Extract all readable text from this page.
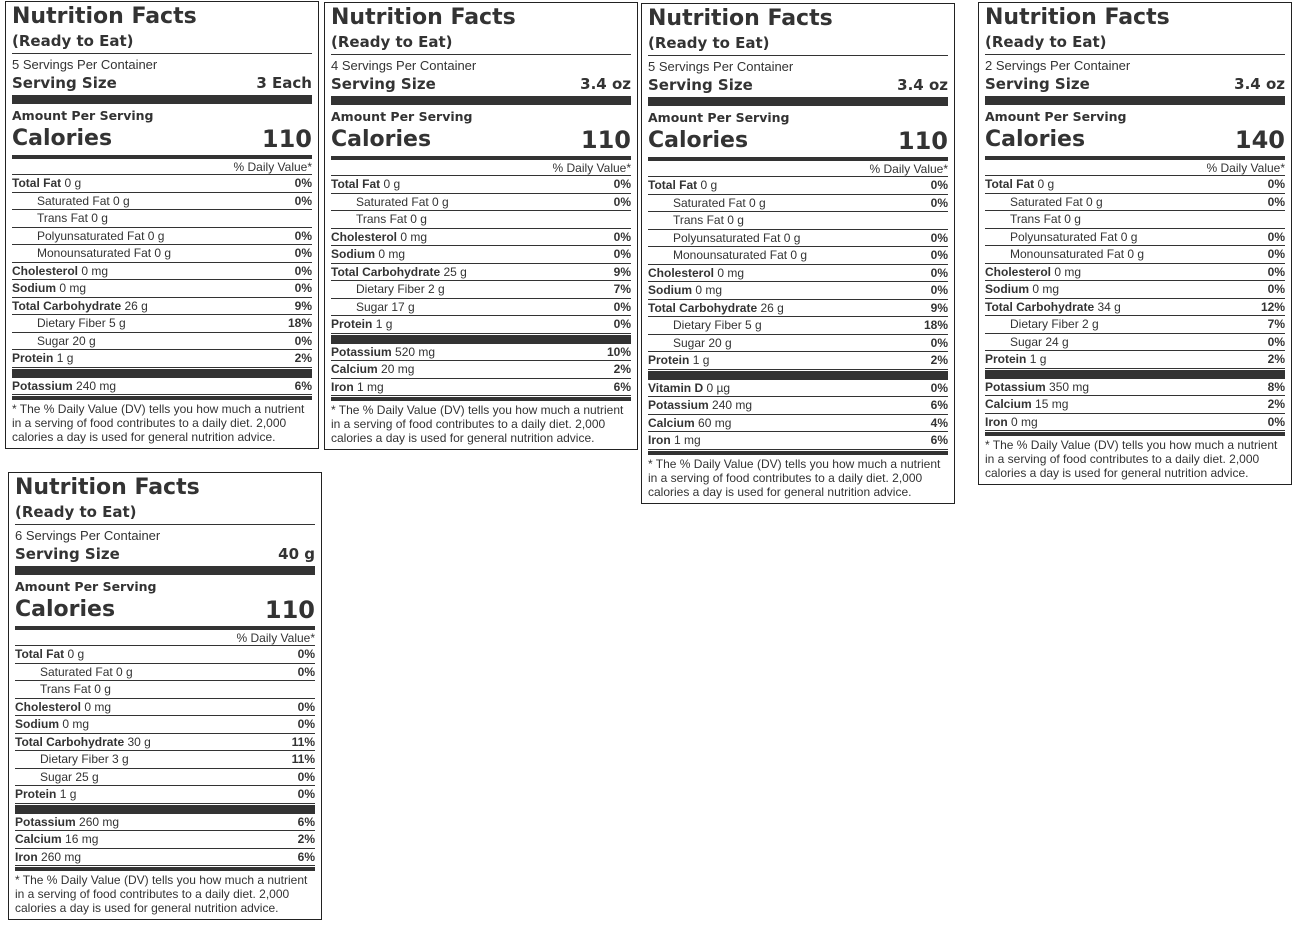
Nutrition Facts
(Ready to Eat)
5 Servings Per Container
Serving Size	3 Each
Amount Per Serving
Calories	110
% Daily Value*
Total Fat 0 g	0%
Saturated Fat 0 g	0%
Trans Fat 0 g
Polyunsaturated Fat 0 g	0%
Monounsaturated Fat 0 g	0%
Cholesterol 0 mg	0%
Sodium 0 mg	0%
Total Carbohydrate 26 g	9%
Dietary Fiber 5 g	18%
Sugar 20 g	0%
Protein 1 g	2%
Potassium 240 mg	6%
* The % Daily Value (DV) tells you how much a nutrient in a serving of food contributes to a daily diet. 2,000 calories a day is used for general nutrition advice.
Nutrition Facts
(Ready to Eat)
4 Servings Per Container
Serving Size	3.4 oz
Amount Per Serving
Calories	110
% Daily Value*
Total Fat 0 g	0%
Saturated Fat 0 g	0%
Trans Fat 0 g
Cholesterol 0 mg	0%
Sodium 0 mg	0%
Total Carbohydrate 25 g	9%
Dietary Fiber 2 g	7%
Sugar 17 g	0%
Protein 1 g	0%
Potassium 520 mg	10%
Calcium 20 mg	2%
Iron 1 mg	6%
* The % Daily Value (DV) tells you how much a nutrient in a serving of food contributes to a daily diet. 2,000 calories a day is used for general nutrition advice.
Nutrition Facts
(Ready to Eat)
5 Servings Per Container
Serving Size	3.4 oz
Amount Per Serving
Calories	110
% Daily Value*
Total Fat 0 g	0%
Saturated Fat 0 g	0%
Trans Fat 0 g
Polyunsaturated Fat 0 g	0%
Monounsaturated Fat 0 g	0%
Cholesterol 0 mg	0%
Sodium 0 mg	0%
Total Carbohydrate 26 g	9%
Dietary Fiber 5 g	18%
Sugar 20 g	0%
Protein 1 g	2%
Vitamin D 0 µg	0%
Potassium 240 mg	6%
Calcium 60 mg	4%
Iron 1 mg	6%
* The % Daily Value (DV) tells you how much a nutrient in a serving of food contributes to a daily diet. 2,000 calories a day is used for general nutrition advice.
Nutrition Facts
(Ready to Eat)
2 Servings Per Container
Serving Size	3.4 oz
Amount Per Serving
Calories	140
% Daily Value*
Total Fat 0 g	0%
Saturated Fat 0 g	0%
Trans Fat 0 g
Polyunsaturated Fat 0 g	0%
Monounsaturated Fat 0 g	0%
Cholesterol 0 mg	0%
Sodium 0 mg	0%
Total Carbohydrate 34 g	12%
Dietary Fiber 2 g	7%
Sugar 24 g	0%
Protein 1 g	2%
Potassium 350 mg	8%
Calcium 15 mg	2%
Iron 0 mg	0%
* The % Daily Value (DV) tells you how much a nutrient in a serving of food contributes to a daily diet. 2,000 calories a day is used for general nutrition advice.
Nutrition Facts
(Ready to Eat)
6 Servings Per Container
Serving Size	40 g
Amount Per Serving
Calories	110
% Daily Value*
Total Fat 0 g	0%
Saturated Fat 0 g	0%
Trans Fat 0 g
Cholesterol 0 mg	0%
Sodium 0 mg	0%
Total Carbohydrate 30 g	11%
Dietary Fiber 3 g	11%
Sugar 25 g	0%
Protein 1 g	0%
Potassium 260 mg	6%
Calcium 16 mg	2%
Iron 260 mg	6%
* The % Daily Value (DV) tells you how much a nutrient in a serving of food contributes to a daily diet. 2,000 calories a day is used for general nutrition advice.
